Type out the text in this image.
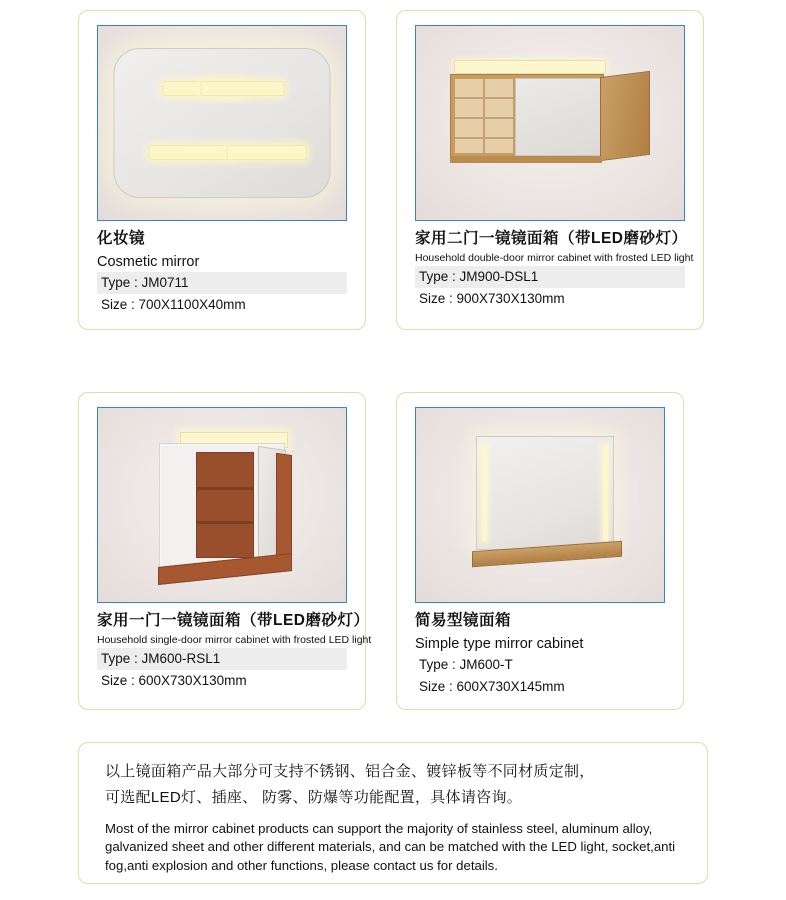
化妆镜
Cosmetic mirror
Type : JM0711
Size : 700X1100X40mm
家用二门一镜镜面箱（带LED磨砂灯）
Household double-door mirror cabinet with frosted LED light
Type : JM900-DSL1
Size : 900X730X130mm
家用一门一镜镜面箱（带LED磨砂灯）
Household single-door mirror cabinet with frosted LED light
Type : JM600-RSL1
Size : 600X730X130mm
简易型镜面箱
Simple type mirror cabinet
Type : JM600-T
Size : 600X730X145mm
以上镜面箱产品大部分可支持不锈钢、铝合金、镀锌板等不同材质定制，
可选配LED灯、插座、 防雾、防爆等功能配置，具体请咨询。
Most of the mirror cabinet products can support the majority of stainless steel, aluminum alloy, galvanized sheet and other different materials, and can be matched with the LED light, socket,anti fog,anti explosion and other functions, please contact us for details.
